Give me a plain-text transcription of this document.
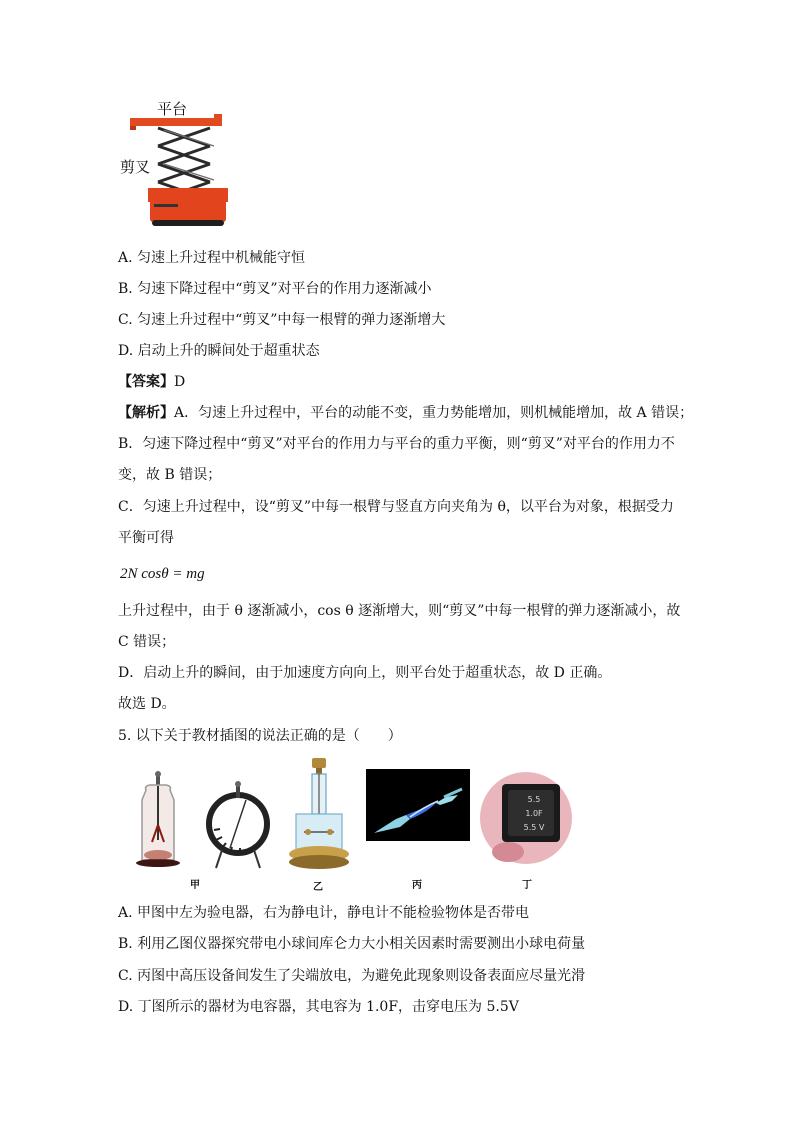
平台
剪叉
A. 匀速上升过程中机械能守恒
B. 匀速下降过程中“剪叉”对平台的作用力逐渐减小
C. 匀速上升过程中“剪叉”中每一根臂的弹力逐渐增大
D. 启动上升的瞬间处于超重状态
【答案】D
【解析】A．匀速上升过程中，平台的动能不变，重力势能增加，则机械能增加，故 A 错误；
B．匀速下降过程中“剪叉”对平台的作用力与平台的重力平衡，则“剪叉”对平台的作用力不
变，故 B 错误；
C．匀速上升过程中，设“剪叉”中每一根臂与竖直方向夹角为 θ，以平台为对象，根据受力
平衡可得
2N cosθ = mg
上升过程中，由于 θ 逐渐减小，cos θ 逐渐增大，则“剪叉”中每一根臂的弹力逐渐减小，故
C 错误；
D．启动上升的瞬间，由于加速度方向向上，则平台处于超重状态，故 D 正确。
故选 D。
5. 以下关于教材插图的说法正确的是（　　）
甲	乙	丙
5.5
1.0F
5.5 V
丁
A. 甲图中左为验电器，右为静电计，静电计不能检验物体是否带电
B. 利用乙图仪器探究带电小球间库仑力大小相关因素时需要测出小球电荷量
C. 丙图中高压设备间发生了尖端放电，为避免此现象则设备表面应尽量光滑
D. 丁图所示的器材为电容器，其电容为 1.0F，击穿电压为 5.5V
